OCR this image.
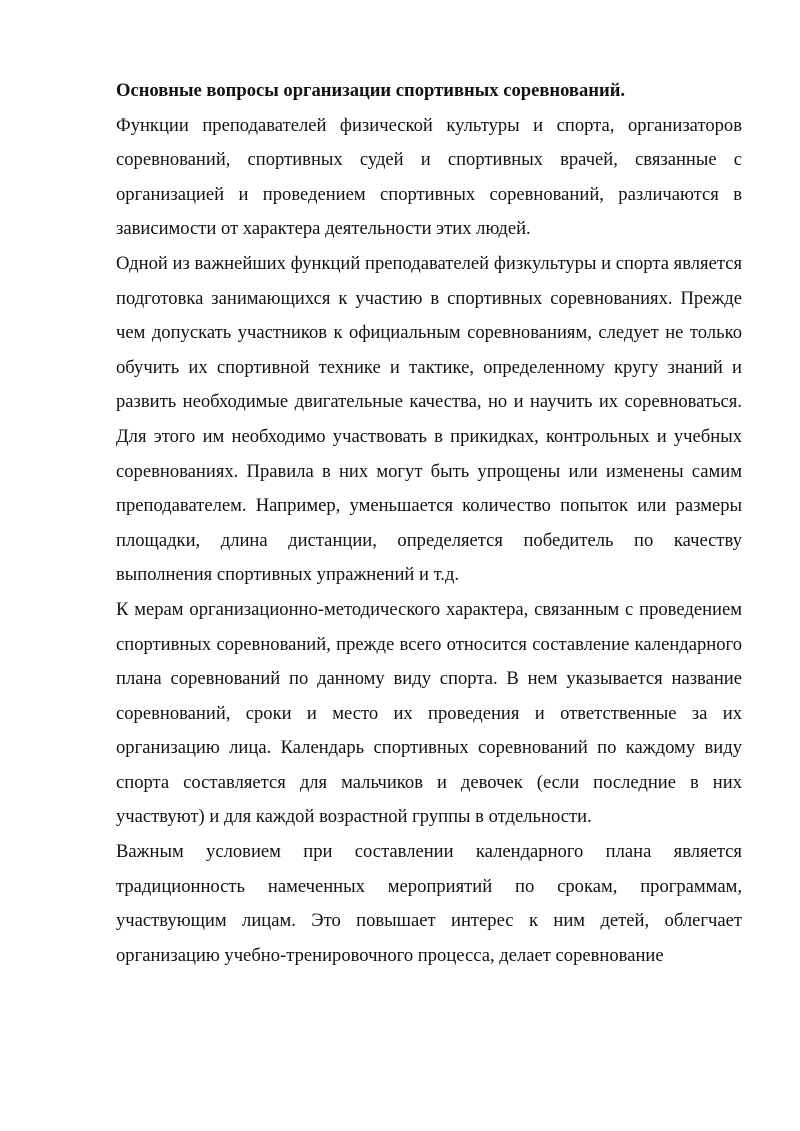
Основные вопросы организации спортивных соревнований.

Функции преподавателей физической культуры и спорта, организаторов соревнований, спортивных судей и спортивных врачей, связанные с организацией и проведением спортивных соревнований, различаются в зависимости от характера деятельности этих людей.

Одной из важнейших функций преподавателей физкультуры и спорта является подготовка занимающихся к участию в спортивных соревнованиях. Прежде чем допускать участников к официальным соревнованиям, следует не только обучить их спортивной технике и тактике, определенному кругу знаний и развить необходимые двигательные качества, но и научить их соревноваться. Для этого им необходимо участвовать в прикидках, контрольных и учебных соревнованиях. Правила в них могут быть упрощены или изменены самим преподавателем. Например, уменьшается количество попыток или размеры площадки, длина дистанции, определяется победитель по качеству выполнения спортивных упражнений и т.д.

К мерам организационно-методического характера, связанным с проведением спортивных соревнований, прежде всего относится составление календарного плана соревнований по данному виду спорта. В нем указывается название соревнований, сроки и место их проведения и ответственные за их организацию лица. Календарь спортивных соревнований по каждому виду спорта составляется для мальчиков и девочек (если последние в них участвуют) и для каждой возрастной группы в отдельности.

Важным условием при составлении календарного плана является традиционность намеченных мероприятий по срокам, программам, участвующим лицам. Это повышает интерес к ним детей, облегчает организацию учебно-тренировочного процесса, делает соревнование
